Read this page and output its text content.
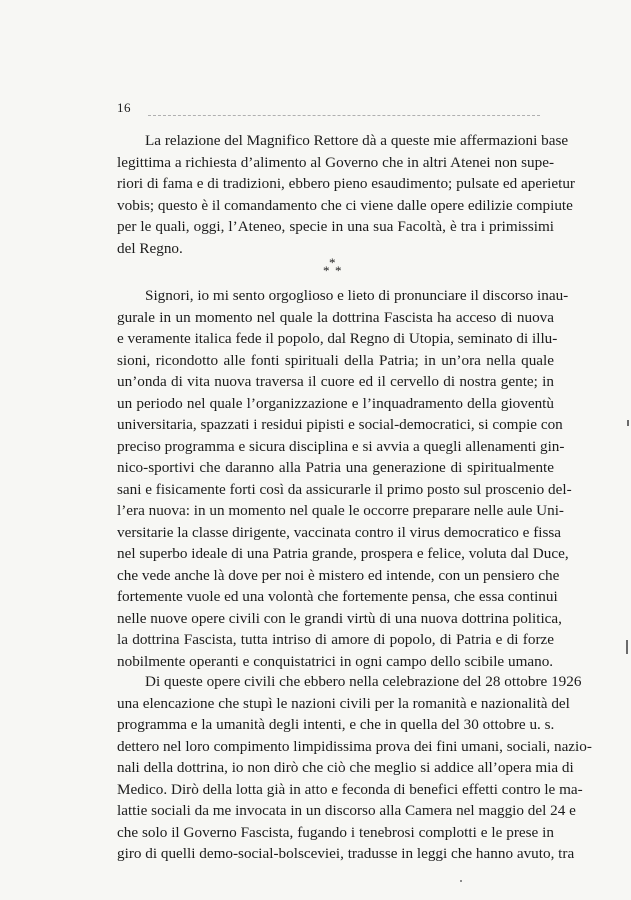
16

La relazione del Magnifico Rettore dà a queste mie affermazioni base
legittima a richiesta d’alimento al Governo che in altri Atenei non supe-
riori di fama e di tradizioni, ebbero pieno esaudimento; pulsate ed aperietur
vobis; questo è il comandamento che ci viene dalle opere edilizie compiute
per le quali, oggi, l’Ateneo, specie in una sua Facoltà, è tra i primissimi
del Regno.

*
* *

Signori, io mi sento orgoglioso e lieto di pronunciare il discorso inau-
gurale in un momento nel quale la dottrina Fascista ha acceso di nuova
e veramente italica fede il popolo, dal Regno di Utopia, seminato di illu-
sioni, ricondotto alle fonti spirituali della Patria; in un’ora nella quale
un’onda di vita nuova traversa il cuore ed il cervello di nostra gente; in
un periodo nel quale l’organizzazione e l’inquadramento della gioventù
universitaria, spazzati i residui pipisti e social-democratici, si compie con
preciso programma e sicura disciplina e si avvia a quegli allenamenti gin-
nico-sportivi che daranno alla Patria una generazione di spiritualmente
sani e fisicamente forti così da assicurarle il primo posto sul proscenio del-
l’era nuova: in un momento nel quale le occorre preparare nelle aule Uni-
versitarie la classe dirigente, vaccinata contro il virus democratico e fissa
nel superbo ideale di una Patria grande, prospera e felice, voluta dal Duce,
che vede anche là dove per noi è mistero ed intende, con un pensiero che
fortemente vuole ed una volontà che fortemente pensa, che essa continui
nelle nuove opere civili con le grandi virtù di una nuova dottrina politica,
la dottrina Fascista, tutta intriso di amore di popolo, di Patria e di forze
nobilmente operanti e conquistatrici in ogni campo dello scibile umano.

Di queste opere civili che ebbero nella celebrazione del 28 ottobre 1926
una elencazione che stupì le nazioni civili per la romanità e nazionalità del
programma e la umanità degli intenti, e che in quella del 30 ottobre u. s.
dettero nel loro compimento limpidissima prova dei fini umani, sociali, nazio-
nali della dottrina, io non dirò che ciò che meglio si addice all’opera mia di
Medico. Dirò della lotta già in atto e feconda di benefici effetti contro le ma-
lattie sociali da me invocata in un discorso alla Camera nel maggio del 24 e
che solo il Governo Fascista, fugando i tenebrosi complotti e le prese in
giro di quelli demo-social-bolsceviei, tradusse in leggi che hanno avuto, tra
